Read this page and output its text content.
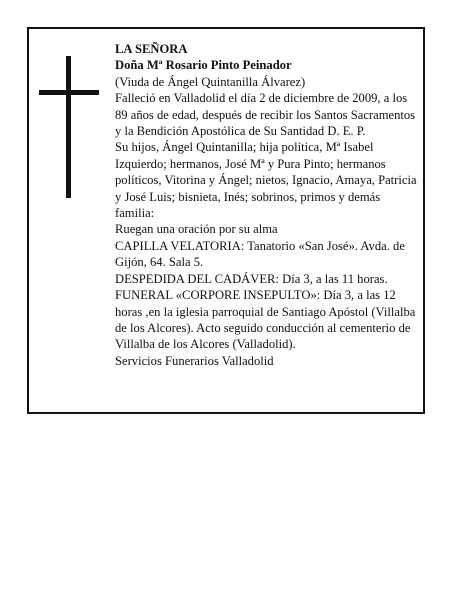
LA SEÑORA

Doña Mª Rosario Pinto Peinador

(Viuda de Ángel Quintanilla Álvarez)

Falleció en Valladolid el día 2 de diciembre de 2009, a los 89 años de edad, después de recibir los Santos Sacramentos y la Bendición Apostólica de Su Santidad D. E. P.

Su hijos, Ángel Quintanilla; hija política, Mª Isabel Izquierdo; hermanos, José Mª y Pura Pinto; hermanos políticos, Vitorina y Ángel; nietos, Ignacio, Amaya, Patricia y José Luis; bisnieta, Inés; sobrinos, primos y demás familia:

Ruegan una oración por su alma

CAPILLA VELATORIA: Tanatorio «San José». Avda. de Gijón, 64. Sala 5.

DESPEDIDA DEL CADÁVER: Día 3, a las 11 horas.

FUNERAL «CORPORE INSEPULTO»: Día 3, a las 12 horas ,en la iglesia parroquial de Santiago Apóstol (Villalba de los Alcores). Acto seguido conducción al cementerio de Villalba de los Alcores (Valladolid).

Servicios Funerarios Valladolid
